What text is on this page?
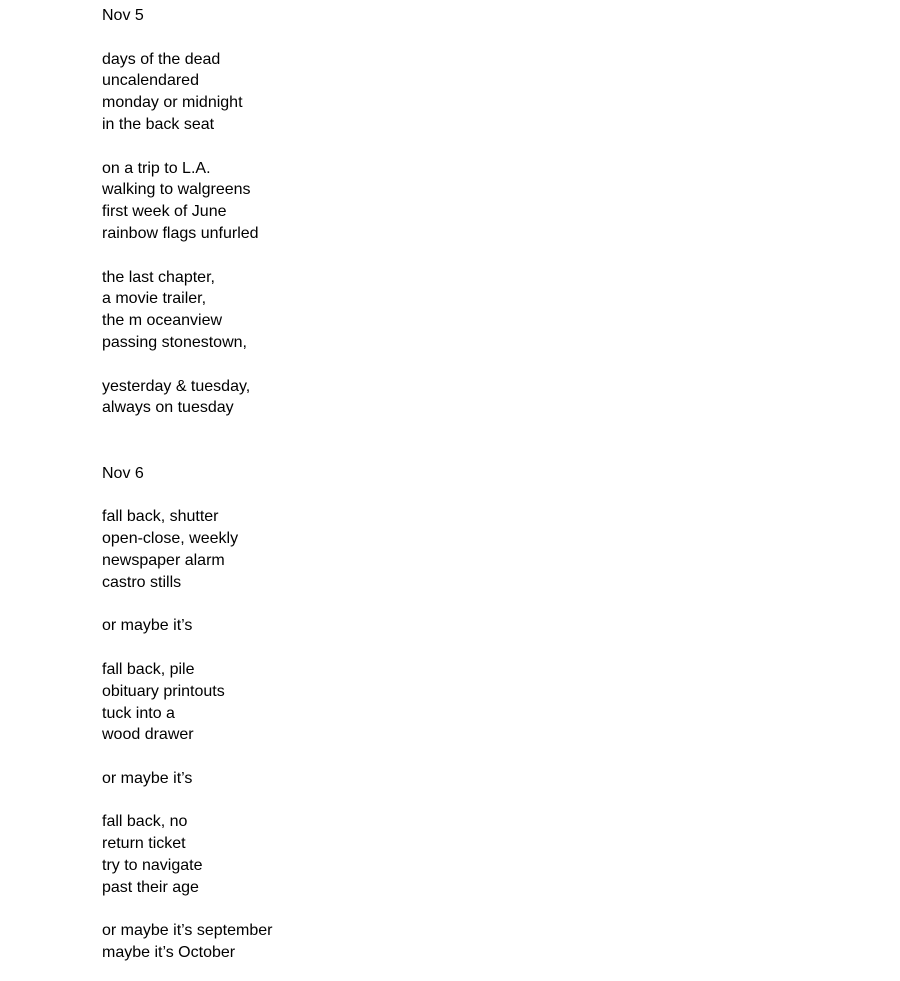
Nov 5
days of the dead
uncalendared
monday or midnight
in the back seat
on a trip to L.A.
walking to walgreens
first week of June
rainbow flags unfurled
the last chapter,
a movie trailer,
the m oceanview
passing stonestown,
yesterday & tuesday,
always on tuesday
Nov 6
fall back, shutter
open-close, weekly
newspaper alarm
castro stills
or maybe it’s
fall back, pile
obituary printouts
tuck into a
wood drawer
or maybe it’s
fall back, no
return ticket
try to navigate
past their age
or maybe it’s september
maybe it’s October
